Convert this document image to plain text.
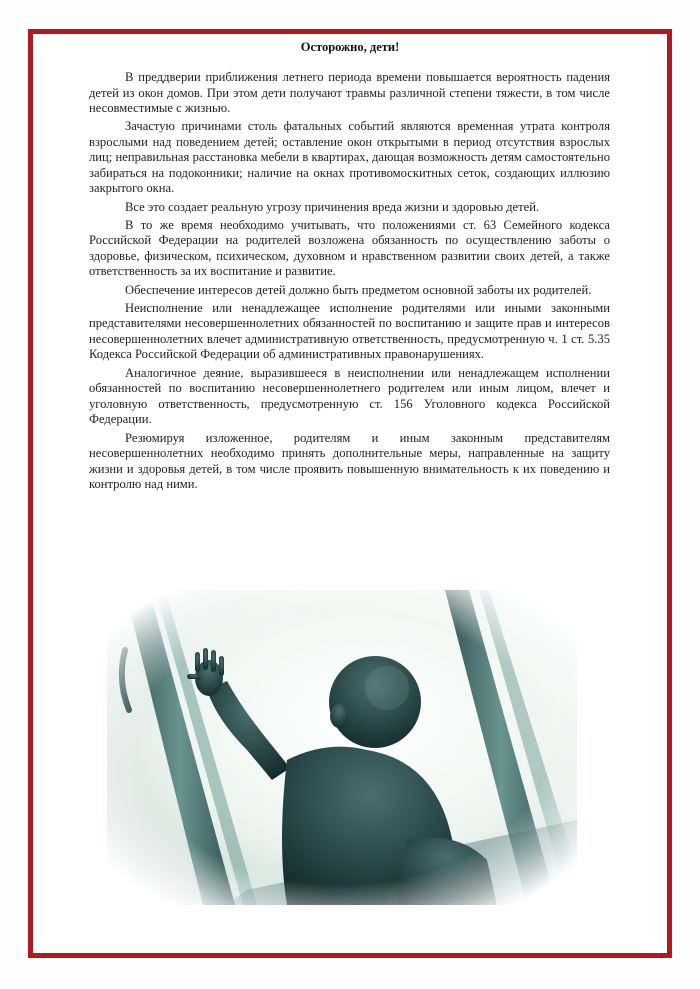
Осторожно, дети!

В преддверии приближения летнего периода времени повышается вероятность падения детей из окон домов. При этом дети получают травмы различной степени тяжести, в том числе несовместимые с жизнью.

Зачастую причинами столь фатальных событий являются временная утрата контроля взрослыми над поведением детей; оставление окон открытыми в период отсутствия взрослых лиц; неправильная расстановка мебели в квартирах, дающая возможность детям самостоятельно забираться на подоконники; наличие на окнах противомоскитных сеток, создающих иллюзию закрытого окна.

Все это создает реальную угрозу причинения вреда жизни и здоровью детей.

В то же время необходимо учитывать, что положениями ст. 63 Семейного кодекса Российской Федерации на родителей возложена обязанность по осуществлению заботы о здоровье, физическом, психическом, духовном и нравственном развитии своих детей, а также ответственность за их воспитание и развитие.

Обеспечение интересов детей должно быть предметом основной заботы их родителей.

Неисполнение или ненадлежащее исполнение родителями или иными законными представителями несовершеннолетних обязанностей по воспитанию и защите прав и интересов несовершеннолетних влечет административную ответственность, предусмотренную ч. 1 ст. 5.35 Кодекса Российской Федерации об административных правонарушениях.

Аналогичное деяние, выразившееся в неисполнении или ненадлежащем исполнении обязанностей по воспитанию несовершеннолетнего родителем или иным лицом, влечет и уголовную ответственность, предусмотренную ст. 156 Уголовного кодекса Российской Федерации.

Резюмируя изложенное, родителям и иным законным представителям несовершеннолетних необходимо принять дополнительные меры, направленные на защиту жизни и здоровья детей, в том числе проявить повышенную внимательность к их поведению и контролю над ними.
